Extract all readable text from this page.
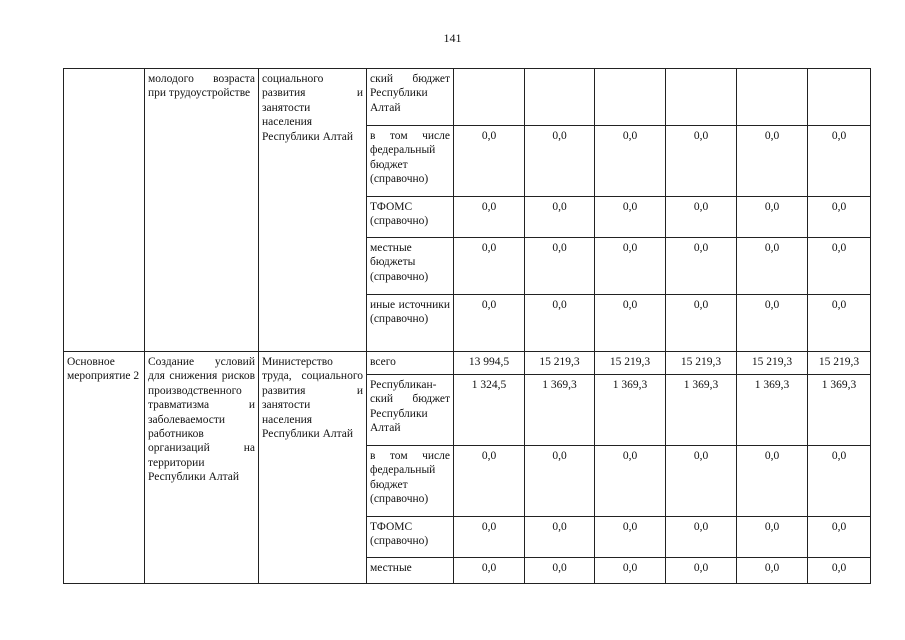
141
	молодого возраста при трудоустройстве	социального развития и занятости населения Республики Алтай	ский бюджет Республики Алтай						
			в том числе федеральный бюджет (справочно)	0,0	0,0	0,0	0,0	0,0	0,0
			ТФОМС (справочно)	0,0	0,0	0,0	0,0	0,0	0,0
			местные бюджеты (справочно)	0,0	0,0	0,0	0,0	0,0	0,0
			иные источники (справочно)	0,0	0,0	0,0	0,0	0,0	0,0
Основное мероприятие 2	Создание условий для снижения рисков производственного травматизма и заболеваемости работников организаций на территории Республики Алтай	Министерство труда, социального развития и занятости населения Республики Алтай	всего	13 994,5	15 219,3	15 219,3	15 219,3	15 219,3	15 219,3
			Республикан-ский бюджет Республики Алтай	1 324,5	1 369,3	1 369,3	1 369,3	1 369,3	1 369,3
			в том числе федеральный бюджет (справочно)	0,0	0,0	0,0	0,0	0,0	0,0
			ТФОМС (справочно)	0,0	0,0	0,0	0,0	0,0	0,0
			местные	0,0	0,0	0,0	0,0	0,0	0,0
